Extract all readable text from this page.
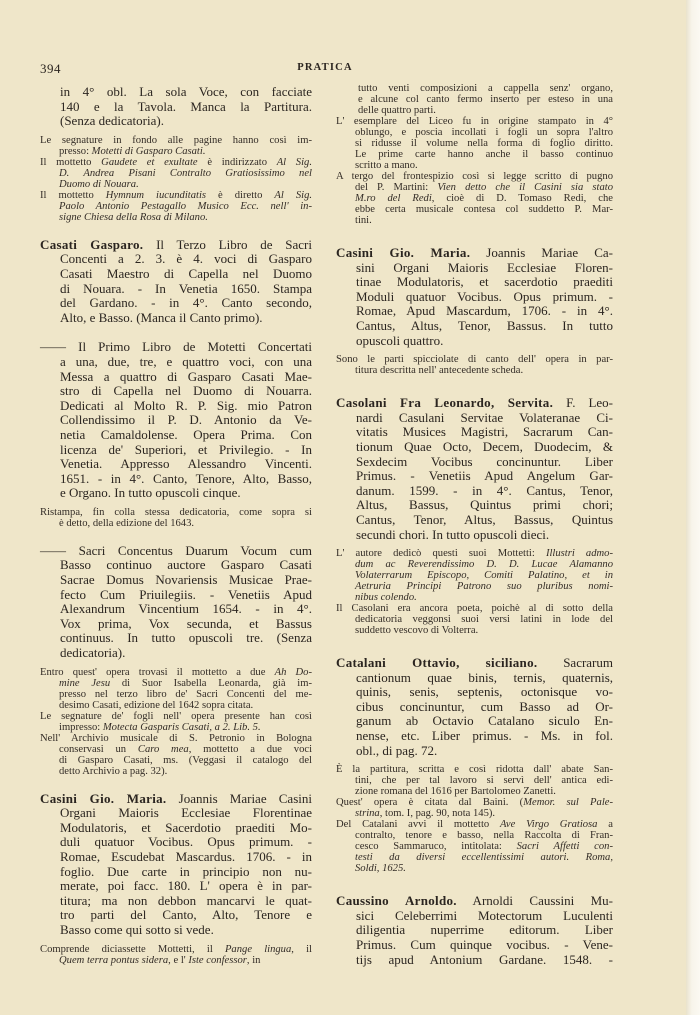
394	PRATICA
in 4° obl. La sola Voce, con facciate
140 e la Tavola. Manca la Partitura.
(Senza dedicatoria).
Le segnature in fondo alle pagine hanno così im-
presso: Motetti di Gasparo Casati.
Il mottetto Gaudete et exultate è indirizzato Al Sig.
D. Andrea Pisani Contralto Gratiosissimo nel
Duomo di Nouara.
Il mottetto Hymnum iucunditatis è diretto Al Sig.
Paolo Antonio Pestagallo Musico Ecc. nell' in-
signe Chiesa della Rosa di Milano.
Casati Gasparo. Il Terzo Libro de Sacri
Concenti a 2. 3. è 4. voci di Gasparo
Casati Maestro di Capella nel Duomo
di Nouara. - In Venetia 1650. Stampa
del Gardano. - in 4°. Canto secondo,
Alto, e Basso. (Manca il Canto primo).
—— Il Primo Libro de Motetti Concertati
a una, due, tre, e quattro voci, con una
Messa a quattro di Gasparo Casati Mae-
stro di Capella nel Duomo di Nouarra.
Dedicati al Molto R. P. Sig. mio Patron
Collendissimo il P. D. Antonio da Ve-
netia Camaldolense. Opera Prima. Con
licenza de' Superiori, et Privilegio. - In
Venetia. Appresso Alessandro Vincenti.
1651. - in 4°. Canto, Tenore, Alto, Basso,
e Organo. In tutto opuscoli cinque.
Ristampa, fin colla stessa dedicatoria, come sopra si
è detto, della edizione del 1643.
—— Sacri Concentus Duarum Vocum cum
Basso continuo auctore Gasparo Casati
Sacrae Domus Novariensis Musicae Prae-
fecto Cum Priuilegiis. - Venetiis Apud
Alexandrum Vincentium 1654. - in 4°.
Vox prima, Vox secunda, et Bassus
continuus. In tutto opuscoli tre. (Senza
dedicatoria).
Entro quest' opera trovasi il mottetto a due Ah Do-
mine Jesu di Suor Isabella Leonarda, già im-
presso nel terzo libro de' Sacri Concenti del me-
desimo Casati, edizione del 1642 sopra citata.
Le segnature de' fogli nell' opera presente han così
impresso: Motecta Gasparis Casati, a 2. Lib. 5.
Nell' Archivio musicale di S. Petronio in Bologna
conservasi un Caro mea, mottetto a due voci
di Gasparo Casati, ms. (Veggasi il catalogo del
detto Archivio a pag. 32).
Casini Gio. Maria. Joannis Mariae Casini
Organi Maioris Ecclesiae Florentinae
Modulatoris, et Sacerdotio praediti Mo-
duli quatuor Vocibus. Opus primum. -
Romae, Escudebat Mascardus. 1706. - in
foglio. Due carte in principio non nu-
merate, poi facc. 180. L' opera è in par-
titura; ma non debbon mancarvi le quat-
tro parti del Canto, Alto, Tenore e
Basso come qui sotto si vede.
Comprende diciassette Mottetti, il Pange lingua, il
Quem terra pontus sidera, e l' Iste confessor, in
tutto venti composizioni a cappella senz' organo,
e alcune col canto fermo inserto per esteso in una
delle quattro parti.
L' esemplare del Liceo fu in origine stampato in 4°
oblungo, e poscia incollati i fogli un sopra l'altro
si ridusse il volume nella forma di foglio diritto.
Le prime carte hanno anche il basso continuo
scritto a mano.
A tergo del frontespizio così si legge scritto di pugno
del P. Martini: Vien detto che il Casini sia stato
M.ro del Redi, cioè di D. Tomaso Redi, che
ebbe certa musicale contesa col suddetto P. Mar-
tini.
Casini Gio. Maria. Joannis Mariae Ca-
sini Organi Maioris Ecclesiae Floren-
tinae Modulatoris, et sacerdotio praediti
Moduli quatuor Vocibus. Opus primum. -
Romae, Apud Mascardum, 1706. - in 4°.
Cantus, Altus, Tenor, Bassus. In tutto
opuscoli quattro.
Sono le parti spicciolate di canto dell' opera in par-
titura descritta nell' antecedente scheda.
Casolani Fra Leonardo, Servita. F. Leo-
nardi Casulani Servitae Volateranae Ci-
vitatis Musices Magistri, Sacrarum Can-
tionum Quae Octo, Decem, Duodecim, &
Sexdecim Vocibus concinuntur. Liber
Primus. - Venetiis Apud Angelum Gar-
danum. 1599. - in 4°. Cantus, Tenor,
Altus, Bassus, Quintus primi chori;
Cantus, Tenor, Altus, Bassus, Quintus
secundi chori. In tutto opuscoli dieci.
L' autore dedicò questi suoi Mottetti: Illustri admo-
dum ac Reverendissimo D. D. Lucae Alamanno
Volaterrarum Episcopo, Comiti Palatino, et in
Aetruria Principi Patrono suo pluribus nomi-
nibus colendo.
Il Casolani era ancora poeta, poichè al di sotto della
dedicatoria veggonsi suoi versi latini in lode del
suddetto vescovo di Volterra.
Catalani Ottavio, siciliano. Sacrarum
cantionum quae binis, ternis, quaternis,
quinis, senis, septenis, octonisque vo-
cibus concinuntur, cum Basso ad Or-
ganum ab Octavio Catalano siculo En-
nense, etc. Liber primus. - Ms. in fol.
obl., di pag. 72.
È la partitura, scritta e così ridotta dall' abate San-
tini, che per tal lavoro si servì dell' antica edi-
zione romana del 1616 per Bartolomeo Zanetti.
Quest' opera è citata dal Baini. (Memor. sul Pale-
strina, tom. I, pag. 90, nota 145).
Del Catalani avvi il mottetto Ave Virgo Gratiosa a
contralto, tenore e basso, nella Raccolta di Fran-
cesco Sammaruco, intitolata: Sacri Affetti con-
testi da diversi eccellentissimi autori. Roma,
Soldi, 1625.
Caussino Arnoldo. Arnoldi Caussini Mu-
sici Celeberrimi Motectorum Luculenti
diligentia nuperrime editorum. Liber
Primus. Cum quinque vocibus. - Vene-
tijs apud Antonium Gardane. 1548. -
